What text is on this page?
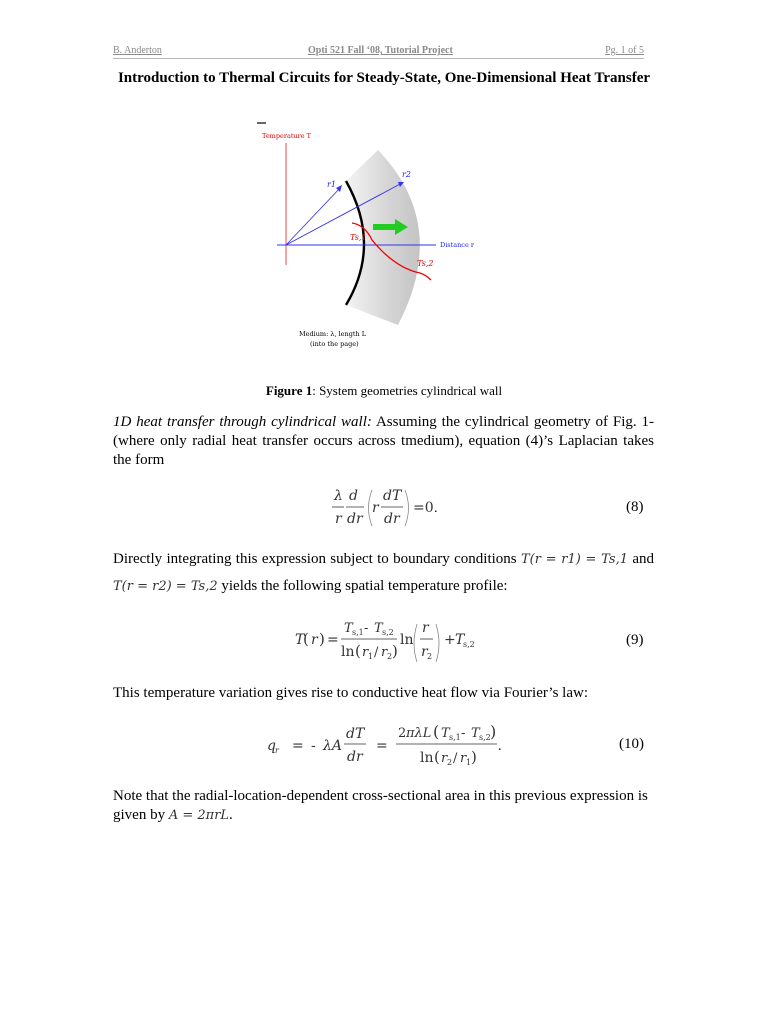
B. Anderton	Opti 521 Fall ‘08, Tutorial Project	Pg. 1 of 5
Introduction to Thermal Circuits for Steady-State, One-Dimensional Heat Transfer
Temperature T
Distance r
r1
r2
Ts,1
Ts,2
Medium: λ, length L
(into the page)
Figure 1: System geometries cylindrical wall
1D heat transfer through cylindrical wall: Assuming the cylindrical geometry of Fig. 1-(where only radial heat transfer occurs across tmedium), equation (4)’s Laplacian takes the form
λ
r
d
dr
r
dT
dr
=0 .	(8)
Directly integrating this expression subject to boundary conditions T(r = r1) = Ts,1 and
T(r = r2) = Ts,2 yields the following spatial temperature profile:
T
( r ) =
T s,1 - T s,2
ln ( r 1 / r 2 )
ln
r
r 2
+ T
s,2	(9)
This temperature variation gives rise to conductive heat flow via Fourier’s law:
q r = - λA
dT
dr
=
2 πλL ( T s,1 - T s,2 )
ln ( r 2 / r 1 )
.	(10)
Note that the radial-location-dependent cross-sectional area in this previous expression is given by A = 2πrL.
